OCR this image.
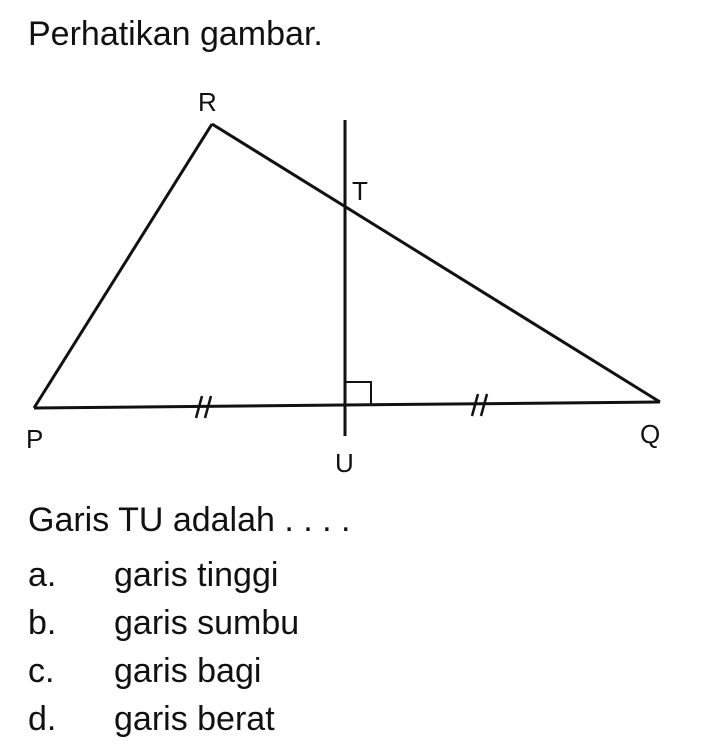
Perhatikan gambar.
R
T
P	Q
U

Garis TU adalah . . . .

a.	garis tinggi
b.	garis sumbu
c.	garis bagi
d.	garis berat
